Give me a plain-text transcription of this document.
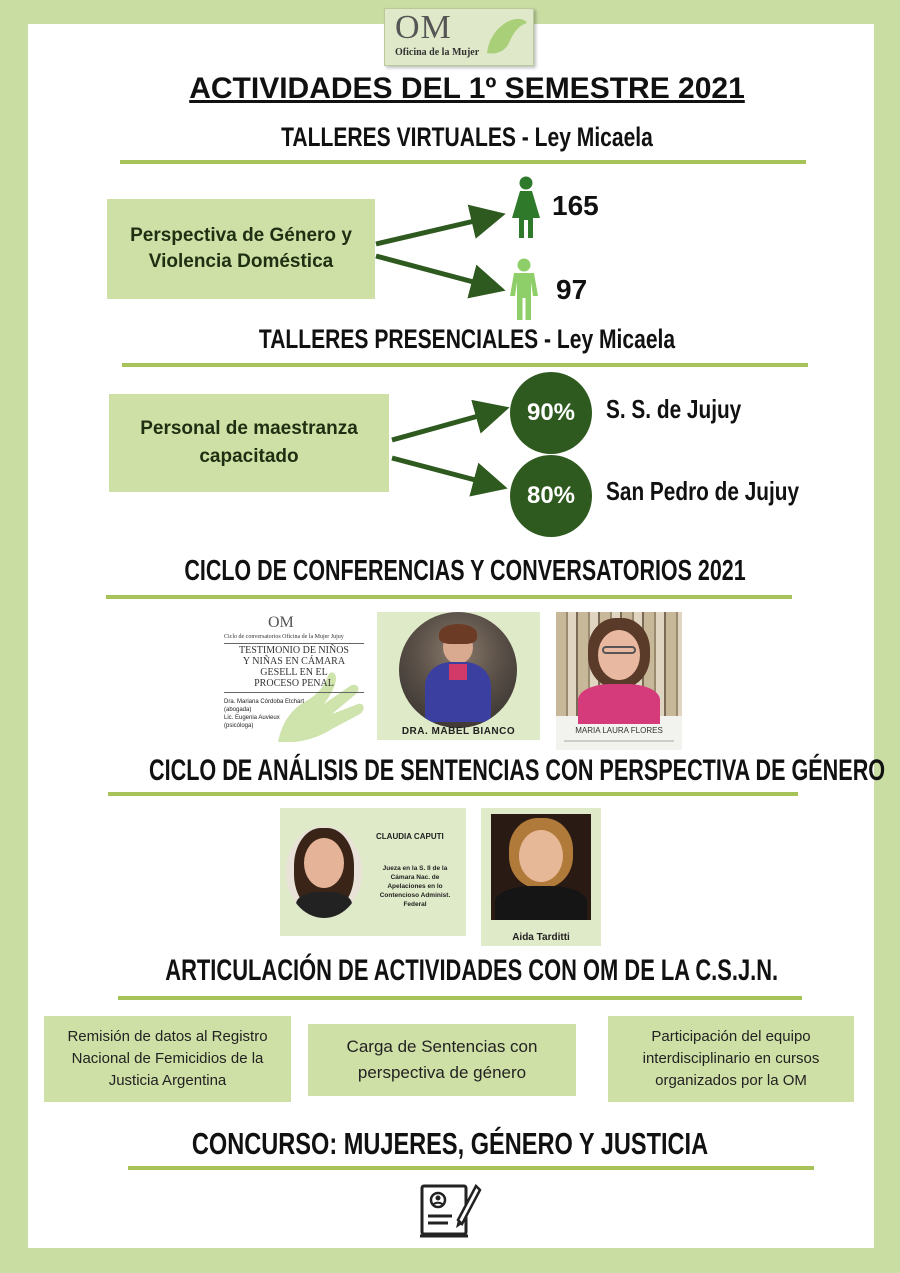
OM
Oficina de la Mujer
ACTIVIDADES DEL 1º SEMESTRE 2021
TALLERES VIRTUALES - Ley Micaela
Perspectiva de Género y
Violencia Doméstica
165
97
TALLERES PRESENCIALES - Ley Micaela
Personal de maestranza
capacitado
90%	S. S. de Jujuy
80%	San Pedro de Jujuy
CICLO DE CONFERENCIAS Y CONVERSATORIOS 2021
OM
Ciclo de conversatorios Oficina de la Mujer Jujuy
TESTIMONIO DE NIÑOS
Y NIÑAS EN CÁMARA
GESELL EN EL
PROCESO PENAL
Dra. Mariana Córdoba Etchart
(abogada)
Lic. Eugenia Auvieux
(psicóloga)	DRA. MABEL BIANCO	MARIA LAURA FLORES
CICLO DE ANÁLISIS DE SENTENCIAS CON PERSPECTIVA DE GÉNERO
CLAUDIA CAPUTI
Jueza en la S. II de la
Cámara Nac. de
Apelaciones en lo
Contencioso Administ.
Federal
Aida Tarditti
ARTICULACIÓN DE ACTIVIDADES CON OM DE LA C.S.J.N.
Remisión de datos al Registro
Nacional de Femicidios de la
Justicia Argentina
Carga de Sentencias con
perspectiva de género
Participación del equipo
interdisciplinario en cursos
organizados por la OM
CONCURSO: MUJERES, GÉNERO Y JUSTICIA
